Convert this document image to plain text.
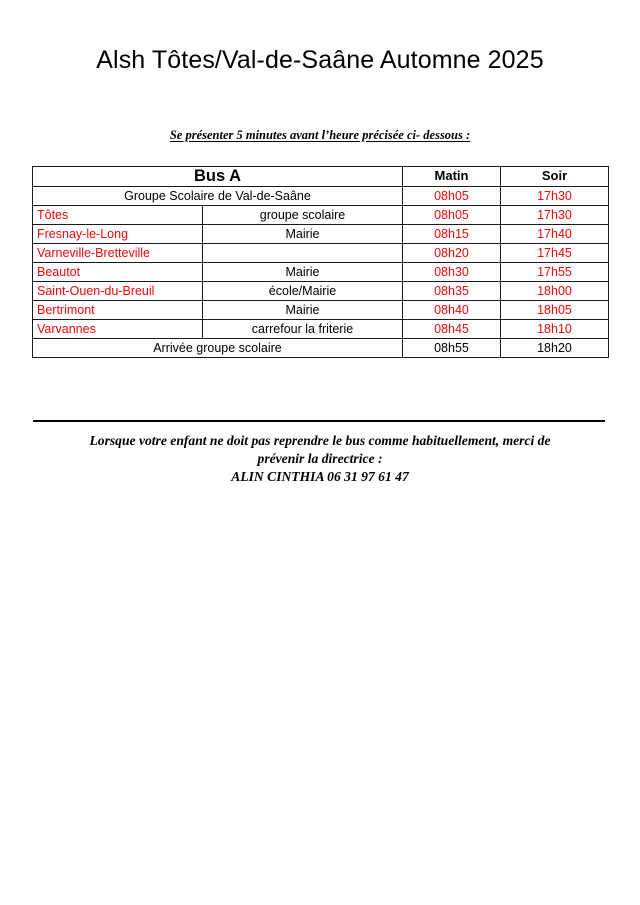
Alsh Tôtes/Val-de-Saâne Automne 2025
Se présenter 5 minutes avant l’heure précisée ci- dessous :
Bus A		Matin	Soir
Groupe Scolaire de Val-de-Saâne		08h05	17h30
Tôtes	groupe scolaire	08h05	17h30
Fresnay-le-Long	Mairie	08h15	17h40
Varneville-Bretteville		08h20	17h45
Beautot	Mairie	08h30	17h55
Saint-Ouen-du-Breuil	école/Mairie	08h35	18h00
Bertrimont	Mairie	08h40	18h05
Varvannes	carrefour la friterie	08h45	18h10
Arrivée groupe scolaire		08h55	18h20
Lorsque votre enfant ne doit pas reprendre le bus comme habituellement, merci de
prévenir la directrice :
ALIN CINTHIA 06 31 97 61 47
